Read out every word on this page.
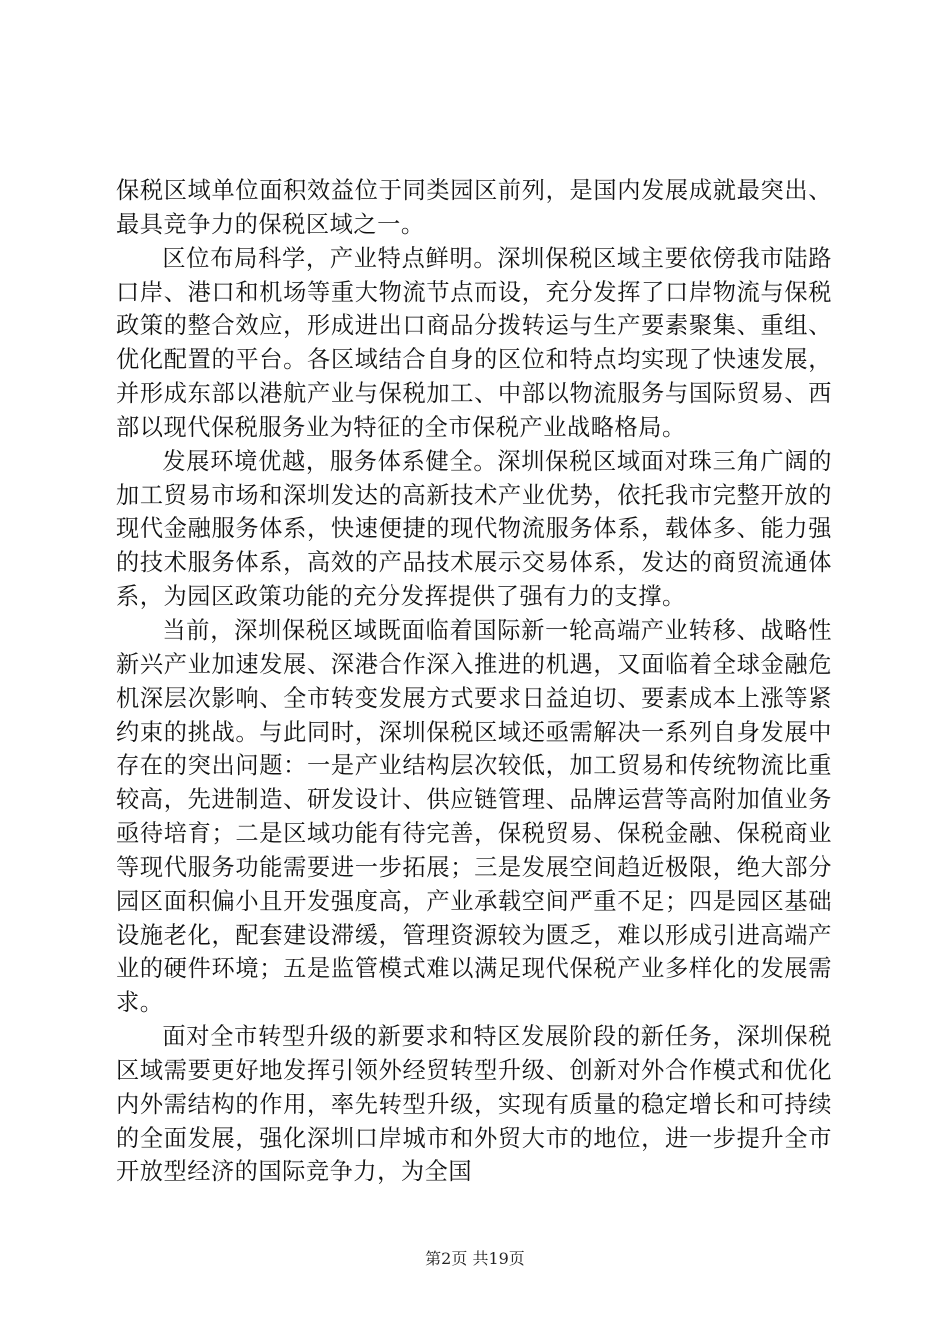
保税区域单位面积效益位于同类园区前列，是国内发展成就最突出、最具竞争力的保税区域之一。

区位布局科学，产业特点鲜明。深圳保税区域主要依傍我市陆路口岸、港口和机场等重大物流节点而设，充分发挥了口岸物流与保税政策的整合效应，形成进出口商品分拨转运与生产要素聚集、重组、优化配置的平台。各区域结合自身的区位和特点均实现了快速发展，并形成东部以港航产业与保税加工、中部以物流服务与国际贸易、西部以现代保税服务业为特征的全市保税产业战略格局。

发展环境优越，服务体系健全。深圳保税区域面对珠三角广阔的加工贸易市场和深圳发达的高新技术产业优势，依托我市完整开放的现代金融服务体系，快速便捷的现代物流服务体系，载体多、能力强的技术服务体系，高效的产品技术展示交易体系，发达的商贸流通体系，为园区政策功能的充分发挥提供了强有力的支撑。

当前，深圳保税区域既面临着国际新一轮高端产业转移、战略性新兴产业加速发展、深港合作深入推进的机遇，又面临着全球金融危机深层次影响、全市转变发展方式要求日益迫切、要素成本上涨等紧约束的挑战。与此同时，深圳保税区域还亟需解决一系列自身发展中存在的突出问题：一是产业结构层次较低，加工贸易和传统物流比重较高，先进制造、研发设计、供应链管理、品牌运营等高附加值业务亟待培育；二是区域功能有待完善，保税贸易、保税金融、保税商业等现代服务功能需要进一步拓展；三是发展空间趋近极限，绝大部分园区面积偏小且开发强度高，产业承载空间严重不足；四是园区基础设施老化，配套建设滞缓，管理资源较为匮乏，难以形成引进高端产业的硬件环境；五是监管模式难以满足现代保税产业多样化的发展需求。

面对全市转型升级的新要求和特区发展阶段的新任务，深圳保税区域需要更好地发挥引领外经贸转型升级、创新对外合作模式和优化内外需结构的作用，率先转型升级，实现有质量的稳定增长和可持续的全面发展，强化深圳口岸城市和外贸大市的地位，进一步提升全市开放型经济的国际竞争力，为全国

第2页 共19页
